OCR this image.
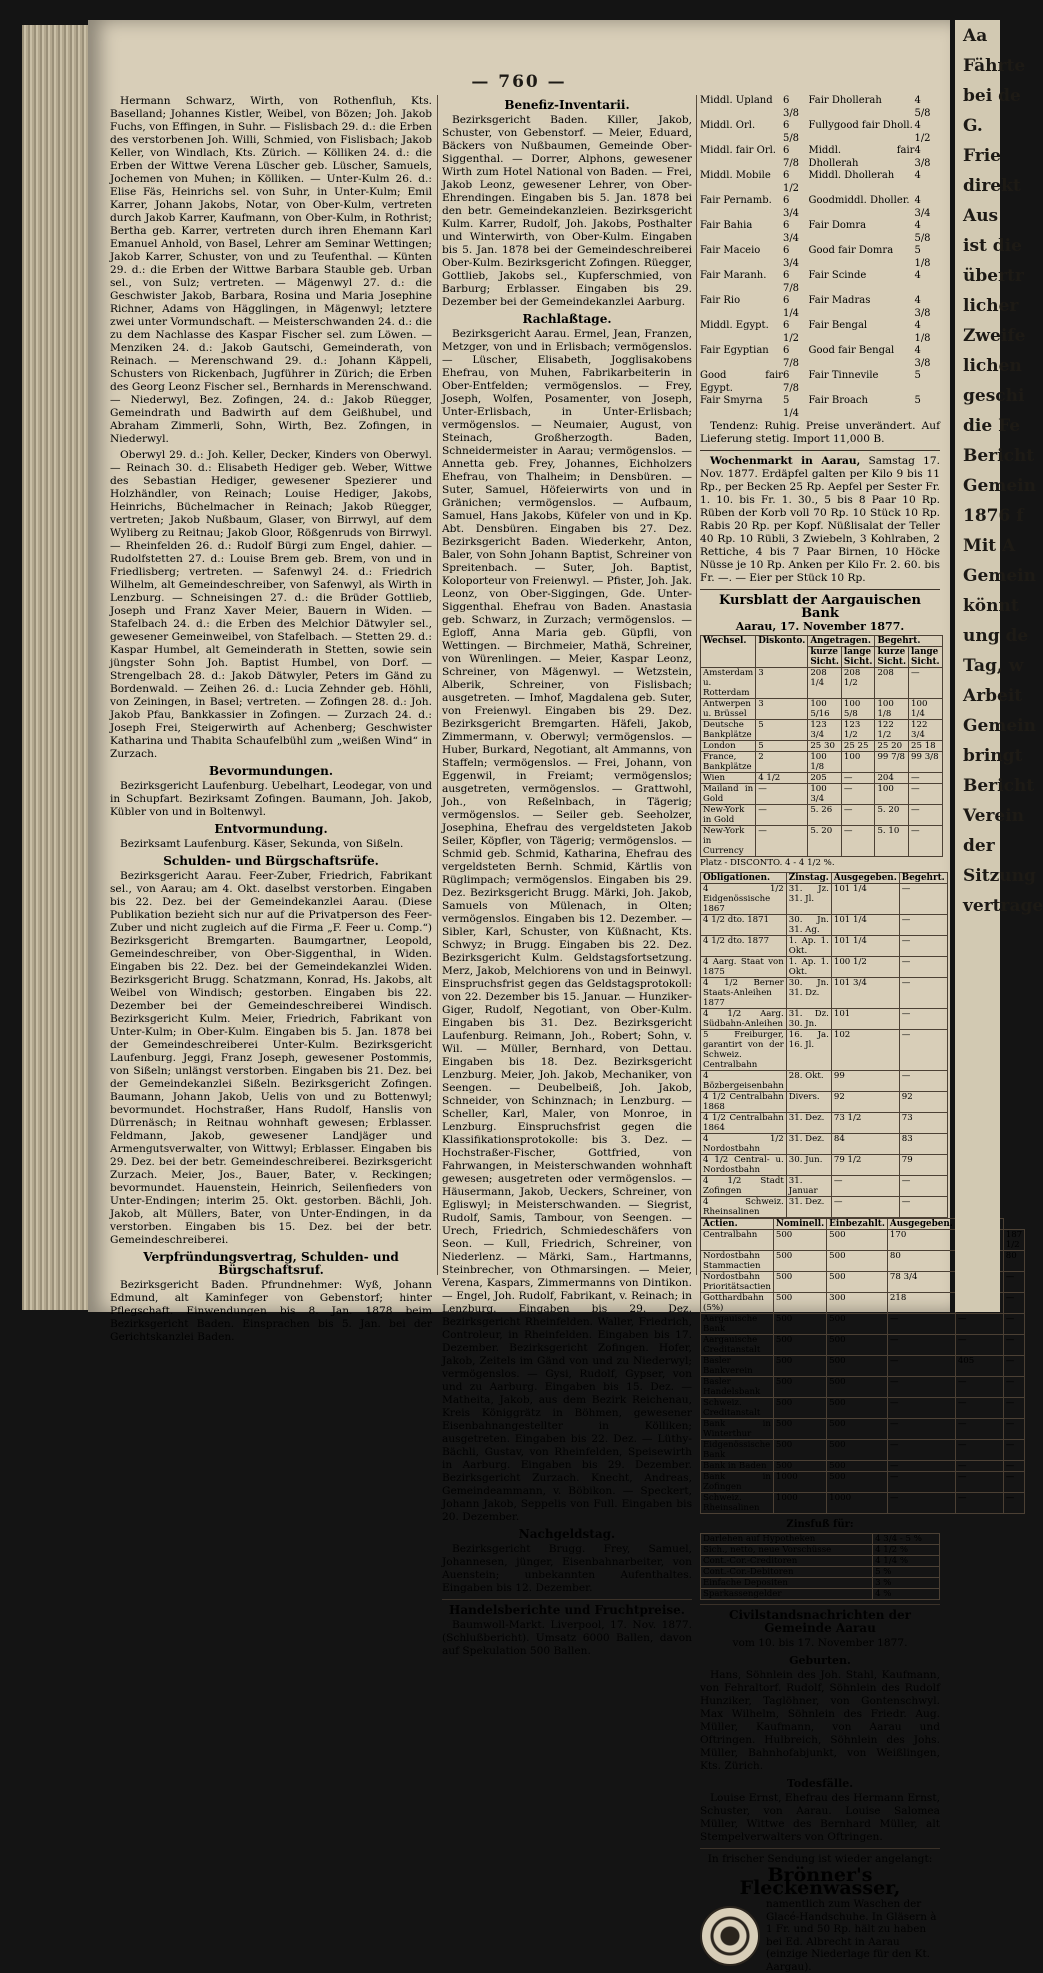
— 760 —

Hermann Schwarz, Wirth, von Rothenfluh, Kts. Baselland; Johannes Kistler, Weibel, von Bözen; Joh. Jakob Fuchs, von Effingen, in Suhr. — Fislisbach 29. d.: die Erben des verstorbenen Joh. Willi, Schmied, von Fislisbach; Jakob Keller, von Windlach, Kts. Zürich. — Kölliken 24. d.: die Erben der Wittwe Verena Lüscher geb. Lüscher, Samuels, Jochemen von Muhen; in Kölliken. — Unter-Kulm 26. d.: Elise Fäs, Heinrichs sel. von Suhr, in Unter-Kulm; Emil Karrer, Johann Jakobs, Notar, von Ober-Kulm, vertreten durch Jakob Karrer, Kaufmann, von Ober-Kulm, in Rothrist; Bertha geb. Karrer, vertreten durch ihren Ehemann Karl Emanuel Anhold, von Basel, Lehrer am Seminar Wettingen; Jakob Karrer, Schuster, von und zu Teufenthal. — Künten 29. d.: die Erben der Wittwe Barbara Stauble geb. Urban sel., von Sulz; vertreten. — Mägenwyl 27. d.: die Geschwister Jakob, Barbara, Rosina und Maria Josephine Richner, Adams von Hägglingen, in Mägenwyl; letztere zwei unter Vormundschaft. — Meisterschwanden 24. d.: die zu dem Nachlasse des Kaspar Fischer sel. zum Löwen. — Menziken 24. d.: Jakob Gautschi, Gemeinderath, von Reinach. — Merenschwand 29. d.: Johann Käppeli, Schusters von Rickenbach, Jugführer in Zürich; die Erben des Georg Leonz Fischer sel., Bernhards in Merenschwand. — Niederwyl, Bez. Zofingen, 24. d.: Jakob Rüegger, Gemeindrath und Badwirth auf dem Geißhubel, und Abraham Zimmerli, Sohn, Wirth, Bez. Zofingen, in Niederwyl.

Oberwyl 29. d.: Joh. Keller, Decker, Kinders von Oberwyl. — Reinach 30. d.: Elisabeth Hediger geb. Weber, Wittwe des Sebastian Hediger, gewesener Spezierer und Holzhändler, von Reinach; Louise Hediger, Jakobs, Heinrichs, Büchelmacher in Reinach; Jakob Rüegger, vertreten; Jakob Nußbaum, Glaser, von Birrwyl, auf dem Wyliberg zu Reitnau; Jakob Gloor, Rößgenruds von Birrwyl. — Rheinfelden 26. d.: Rudolf Bürgi zum Engel, dahier. — Rudolfstetten 27. d.: Louise Brem geb. Brem, von und in Friedlisberg; vertreten. — Safenwyl 24. d.: Friedrich Wilhelm, alt Gemeindeschreiber, von Safenwyl, als Wirth in Lenzburg. — Schneisingen 27. d.: die Brüder Gottlieb, Joseph und Franz Xaver Meier, Bauern in Widen. — Stafelbach 24. d.: die Erben des Melchior Dätwyler sel., gewesener Gemeinweibel, von Stafelbach. — Stetten 29. d.: Kaspar Humbel, alt Gemeinderath in Stetten, sowie sein jüngster Sohn Joh. Baptist Humbel, von Dorf. — Strengelbach 28. d.: Jakob Dätwyler, Peters im Gänd zu Bordenwald. — Zeihen 26. d.: Lucia Zehnder geb. Höhli, von Zeiningen, in Basel; vertreten. — Zofingen 28. d.: Joh. Jakob Pfau, Bankkassier in Zofingen. — Zurzach 24. d.: Joseph Frei, Steigerwirth auf Achenberg; Geschwister Katharina und Thabita Schaufelbühl zum „weißen Wind“ in Zurzach.

Bevormundungen.

Bezirksgericht Laufenburg. Uebelhart, Leodegar, von und in Schupfart. Bezirksamt Zofingen. Baumann, Joh. Jakob, Kübler von und in Boltenwyl.

Entvormundung.

Bezirksamt Laufenburg. Käser, Sekunda, von Sißeln.

Schulden- und Bürgschaftsrüfe.

Bezirksgericht Aarau. Feer-Zuber, Friedrich, Fabrikant sel., von Aarau; am 4. Okt. daselbst verstorben. Eingaben bis 22. Dez. bei der Gemeindekanzlei Aarau. (Diese Publikation bezieht sich nur auf die Privatperson des Feer-Zuber und nicht zugleich auf die Firma „F. Feer u. Comp.“) Bezirksgericht Bremgarten. Baumgartner, Leopold, Gemeindeschreiber, von Ober-Siggenthal, in Widen. Eingaben bis 22. Dez. bei der Gemeindekanzlei Widen. Bezirksgericht Brugg. Schatzmann, Konrad, Hs. Jakobs, alt Weibel von Windisch; gestorben. Eingaben bis 22. Dezember bei der Gemeindeschreiberei Windisch. Bezirksgericht Kulm. Meier, Friedrich, Fabrikant von Unter-Kulm; in Ober-Kulm. Eingaben bis 5. Jan. 1878 bei der Gemeindeschreiberei Unter-Kulm. Bezirksgericht Laufenburg. Jeggi, Franz Joseph, gewesener Postommis, von Sißeln; unlängst verstorben. Eingaben bis 21. Dez. bei der Gemeindekanzlei Sißeln. Bezirksgericht Zofingen. Baumann, Johann Jakob, Uelis von und zu Bottenwyl; bevormundet. Hochstraßer, Hans Rudolf, Hanslis von Dürrenäsch; in Reitnau wohnhaft gewesen; Erblasser. Feldmann, Jakob, gewesener Landjäger und Armengutsverwalter, von Wittwyl; Erblasser. Eingaben bis 29. Dez. bei der betr. Gemeindeschreiberei. Bezirksgericht Zurzach. Meier, Jos., Bauer, Bater, v. Reckingen; bevormundet. Hauenstein, Heinrich, Seilenfieders von Unter-Endingen; interim 25. Okt. gestorben. Bächli, Joh. Jakob, alt Müllers, Bater, von Unter-Endingen, in da verstorben. Eingaben bis 15. Dez. bei der betr. Gemeindeschreiberei.

Verpfründungsvertrag, Schulden- und Bürgschaftsruf.

Bezirksgericht Baden. Pfrundnehmer: Wyß, Johann Edmund, alt Kaminfeger von Gebenstorf; hinter Pflegschaft. Einwendungen bis 8. Jan. 1878 beim Bezirksgericht Baden. Einsprachen bis 5. Jan. bei der Gerichtskanzlei Baden.

Benefiz-Inventarii.

Bezirksgericht Baden. Killer, Jakob, Schuster, von Gebenstorf. — Meier, Eduard, Bäckers von Nußbaumen, Gemeinde Ober-Siggenthal. — Dorrer, Alphons, gewesener Wirth zum Hotel National von Baden. — Frei, Jakob Leonz, gewesener Lehrer, von Ober-Ehrendingen. Eingaben bis 5. Jan. 1878 bei den betr. Gemeindekanzleien. Bezirksgericht Kulm. Karrer, Rudolf, Joh. Jakobs, Posthalter und Winterwirth, von Ober-Kulm. Eingaben bis 5. Jan. 1878 bei der Gemeindeschreiberei Ober-Kulm. Bezirksgericht Zofingen. Rüegger, Gottlieb, Jakobs sel., Kupferschmied, von Barburg; Erblasser. Eingaben bis 29. Dezember bei der Gemeindekanzlei Aarburg.

Rachlaßtage.

Bezirksgericht Aarau. Ermel, Jean, Franzen, Metzger, von und in Erlisbach; vermögenslos. — Lüscher, Elisabeth, Jogglisakobens Ehefrau, von Muhen, Fabrikarbeiterin in Ober-Entfelden; vermögenslos. — Frey, Joseph, Wolfen, Posamenter, von Joseph, Unter-Erlisbach, in Unter-Erlisbach; vermögenslos. — Neumaier, August, von Steinach, Großherzogth. Baden, Schneidermeister in Aarau; vermögenslos. — Annetta geb. Frey, Johannes, Eichholzers Ehefrau, von Thalheim; in Densbüren. — Suter, Samuel, Höfeierwirts von und in Gränichen; vermögenslos. — Aufbaum, Samuel, Hans Jakobs, Küfeler von und in Kp. Abt. Densbüren. Eingaben bis 27. Dez. Bezirksgericht Baden. Wiederkehr, Anton, Baler, von Sohn Johann Baptist, Schreiner von Spreitenbach. — Suter, Joh. Baptist, Koloporteur von Freienwyl. — Pfister, Joh. Jak. Leonz, von Ober-Siggingen, Gde. Unter-Siggenthal. Ehefrau von Baden. Anastasia geb. Schwarz, in Zurzach; vermögenslos. — Egloff, Anna Maria geb. Güpfli, von Wettingen. — Birchmeier, Mathä, Schreiner, von Würenlingen. — Meier, Kaspar Leonz, Schreiner, von Mägenwyl. — Wetzstein, Alberik, Schreiner, von Fislisbach; ausgetreten. — Imhof, Magdalena geb. Suter, von Freienwyl. Eingaben bis 29. Dez. Bezirksgericht Bremgarten. Häfeli, Jakob, Zimmermann, v. Oberwyl; vermögenslos. — Huber, Burkard, Negotiant, alt Ammanns, von Staffeln; vermögenslos. — Frei, Johann, von Eggenwil, in Freiamt; vermögenslos; ausgetreten, vermögenslos. — Grattwohl, Joh., von Reßelnbach, in Tägerig; vermögenslos. — Seiler geb. Seeholzer, Josephina, Ehefrau des vergeldsteten Jakob Seiler, Köpfler, von Tägerig; vermögenslos. — Schmid geb. Schmid, Katharina, Ehefrau des vergeldsteten Bernh. Schmid, Kärtlis von Rüglimpach; vermögenslos. Eingaben bis 29. Dez. Bezirksgericht Brugg. Märki, Joh. Jakob, Samuels von Mülenach, in Olten; vermögenslos. Eingaben bis 12. Dezember. — Sibler, Karl, Schuster, von Küßnacht, Kts. Schwyz; in Brugg. Eingaben bis 22. Dez. Bezirksgericht Kulm. Geldstagsfortsetzung. Merz, Jakob, Melchiorens von und in Beinwyl. Einspruchsfrist gegen das Geldstagsprotokoll: von 22. Dezember bis 15. Januar. — Hunziker-Giger, Rudolf, Negotiant, von Ober-Kulm. Eingaben bis 31. Dez. Bezirksgericht Laufenburg. Reimann, Joh., Robert; Sohn, v. Wil. — Müller, Bernhard, von Dettau. Eingaben bis 18. Dez. Bezirksgericht Lenzburg. Meier, Joh. Jakob, Mechaniker, von Seengen. — Deubelbeiß, Joh. Jakob, Schneider, von Schinznach; in Lenzburg. — Scheller, Karl, Maler, von Monroe, in Lenzburg. Einspruchsfrist gegen die Klassifikationsprotokolle: bis 3. Dez. — Hochstraßer-Fischer, Gottfried, von Fahrwangen, in Meisterschwanden wohnhaft gewesen; ausgetreten oder vermögenslos. — Häusermann, Jakob, Ueckers, Schreiner, von Egliswyl; in Meisterschwanden. — Siegrist, Rudolf, Samis, Tambour, von Seengen. — Urech, Friedrich, Schmiedeschäfers von Seon. — Kull, Friedrich, Schreiner, von Niederlenz. — Märki, Sam., Hartmanns, Steinbrecher, von Othmarsingen. — Meier, Verena, Kaspars, Zimmermanns von Dintikon. — Engel, Joh. Rudolf, Fabrikant, v. Reinach; in Lenzburg. Eingaben bis 29. Dez. Bezirksgericht Rheinfelden. Waller, Friedrich, Controleur, in Rheinfelden. Eingaben bis 17. Dezember. Bezirksgericht Zofingen. Hofer, Jakob, Zeitels im Gänd von und zu Niederwyl; vermögenslos. — Gysi, Rudolf, Gypser, von und zu Aarburg. Eingaben bis 15. Dez. — Matheita, Jakob, aus dem Bezirk Reichenau, Kreis Königgrätz in Böhmen, gewesener Eisenbahnangestellter in Kölliken; ausgetreten. Eingaben bis 22. Dez. — Lüthy-Bächli, Gustav, von Rheinfelden, Speisewirth in Aarburg. Eingaben bis 29. Dezember. Bezirksgericht Zurzach. Knecht, Andreas, Gemeindeammann, v. Böbikon. — Speckert, Johann Jakob, Seppelis von Full. Eingaben bis 20. Dezember.

Nachgeldstag.

Bezirksgericht Brugg. Frey, Samuel, Johannesen, jünger, Eisenbahnarbeiter, von Auenstein; unbekannten Aufenthaltes. Eingaben bis 12. Dezember.

Handelsberichte und Fruchtpreise.

Baumwoll-Markt. Liverpool, 17. Nov. 1877. (Schlußbericht). Umsatz 6000 Ballen, davon auf Spekulation 500 Ballen.

Middl. Upland	6 3/8	Fair Dhollerah	4 5/8
Middl. Orl.	6 5/8	Fullygood fair Dholl.	4 1/2
Middl. fair Orl.	6 7/8	Middl. fair Dhollerah	4 3/8
Middl. Mobile	6 1/2	Middl. Dhollerah	4
Fair Pernamb.	6 3/4	Goodmiddl. Dholler.	4 3/4
Fair Bahia	6 3/4	Fair Domra	4 5/8
Fair Maceio	6 3/4	Good fair Domra	5 1/8
Fair Maranh.	6 7/8	Fair Scinde	4
Fair Rio	6 1/4	Fair Madras	4 3/8
Middl. Egypt.	6 1/2	Fair Bengal	4 1/8
Fair Egyptian	6 7/8	Good fair Bengal	4 3/8
Good fair Egypt.	6 7/8	Fair Tinnevile	5
Fair Smyrna	5 1/4	Fair Broach	5

Tendenz: Ruhig. Preise unverändert. Auf Lieferung stetig. Import 11,000 B.

Wochenmarkt in Aarau, Samstag 17. Nov. 1877. Erdäpfel galten per Kilo 9 bis 11 Rp., per Becken 25 Rp. Aepfel per Sester Fr. 1. 10. bis Fr. 1. 30., 5 bis 8 Paar 10 Rp. Rüben der Korb voll 70 Rp. 10 Stück 10 Rp. Rabis 20 Rp. per Kopf. Nüßlisalat der Teller 40 Rp. 10 Rübli, 3 Zwiebeln, 3 Kohlraben, 2 Rettiche, 4 bis 7 Paar Birnen, 10 Höcke Nüsse je 10 Rp. Anken per Kilo Fr. 2. 60. bis Fr. —. — Eier per Stück 10 Rp.

Kursblatt der Aargauischen Bank
Aarau, 17. November 1877.
Wechsel.	Diskonto.	Angetragen.		Begehrt.	
		kurze Sicht.	lange Sicht.	kurze Sicht.	lange Sicht.
Amsterdam u. Rotterdam	3	208 1/4	208 1/2	208	—
Antwerpen u. Brüssel	3	100 5/16	100 5/8	100 1/8	100 1/4
Deutsche Bankplätze	5	123 3/4	123 1/2	122 1/2	122 3/4
London	5	25 30	25 25	25 20	25 18
France, Bankplätze	2	100 1/8	100	99 7/8	99 3/8
Wien	4 1/2	205	—	204	—
Mailand in Gold	—	100 3/4	—	100	—
New-York in Gold	—	5. 26	—	5. 20	—
New-York in Currency	—	5. 20	—	5. 10	—
Platz - DISCONTO. 4 - 4 1/2 %.
Obligationen.	Zinstag.	Ausgegeben.	Begehrt.
4 1/2 Eidgenössische 1867	31. Jz. 31. Jl.	101 1/4	—
4 1/2 dto. 1871	30. Jn. 31. Ag.	101 1/4	—
4 1/2 dto. 1877	1. Ap. 1. Okt.	101 1/4	—
4 Aarg. Staat von 1875	1. Ap. 1. Okt.	100 1/2	—
4 1/2 Berner Staats-Anleihen 1877	30. Jn. 31. Dz.	101 3/4	—
4 1/2 Aarg. Südbahn-Anleihen	31. Dz. 30. Jn.	101	—
5 Freiburger, garantirt von der Schweiz. Centralbahn	16. Ja. 16. Jl.	102	—
4 Bözbergeisenbahn	28. Okt.	99	—
4 1/2 Centralbahn 1868	Divers.	92	92
4 1/2 Centralbahn 1864	31. Dez.	73 1/2	73
4 1/2 Nordostbahn	31. Dez.	84	83
4 1/2 Central- u. Nordostbahn	30. Jun.	79 1/2	79
4 1/2 Stadt Zofingen	31. Januar	—	—
4 Schweiz. Rheinsalinen	31. Dez.	—	—
Actien.	Nominell.	Einbezahlt.	Ausgegeben.	
Centralbahn	500	500	170		187 1/2
Nordostbahn Stammactien	500	500	80		80
Nordostbahn Prioritätsactien	500	500	78 3/4		—
Gotthardbahn (5%)	500	300	218		—
Aargauische Bank	500	500	—	—	—
Aargauische Creditanstalt	500	500	—	—	—
Basler Bankverein	500	500	—	405	—
Basler Handelsbank	500	500	—	—	—
Schweiz. Creditanstalt	500	500	—	—	—
Bank in Winterthur	500	500	—	—	—
Eidgenössische Bank	500	500	—	—	—
Bank in Baden	500	500	—	—	—
Bank in Zofingen	1000	500	—	—	—
Schweiz. Rheinsalinen	1000	1000	—	—	—
Zinsfuß für:
Darlehen auf Hypotheken	4 3/4 - 5 %
Sich., netto, neue Vorschüsse	4 1/2 %
Cont.-Cor.-Creditoren	4 1/4 %
Cont.-Cor.-Debitoren	5 %
Einfache Depositen	3 %
Sparkassengelder	4 %
Civilstandsnachrichten der Gemeinde Aarau
vom 10. bis 17. November 1877.
Geburten.

Hans, Söhnlein des Joh. Stahl, Kaufmann, von Fehraltorf. Rudolf, Söhnlein des Rudolf Hunziker, Taglöhner, von Gontenschwyl. Max Wilhelm, Söhnlein des Friedr. Aug. Müller, Kaufmann, von Aarau und Oftringen. Hulbreich, Söhnlein des Johs. Müller, Bahnhofabjunkt, von Weißlingen, Kts. Zürich.

Todesfälle.

Louise Ernst, Ehefrau des Hermann Ernst, Schuster, von Aarau. Louise Salomea Müller, Wittwe des Bernhard Müller, alt Stempelverwalters von Oftringen.

In frischer Sendung ist wieder angelangt:
Brönner's Fleckenwasser,
namentlich zum Waschen der Glacé-Handschuhe. In Gläsern à 1 Fr. und 50 Rp. hält zu haben bei Ed. Albrecht in Aarau (einzige Niederlage für den Kt. Aargau).
Aa
Fährte
bei de
G.
Frie
direkt
Aus
ist die
übertr
licher
Zweife
lichen
geschi
die Fe
Bericht
Gemein
1876 f
Mit A
Gemein
könnt
ung de
Tag, w
Arbeit
Gemein
bringt
Bericht
Verein
der
Sitzung
vertrage
